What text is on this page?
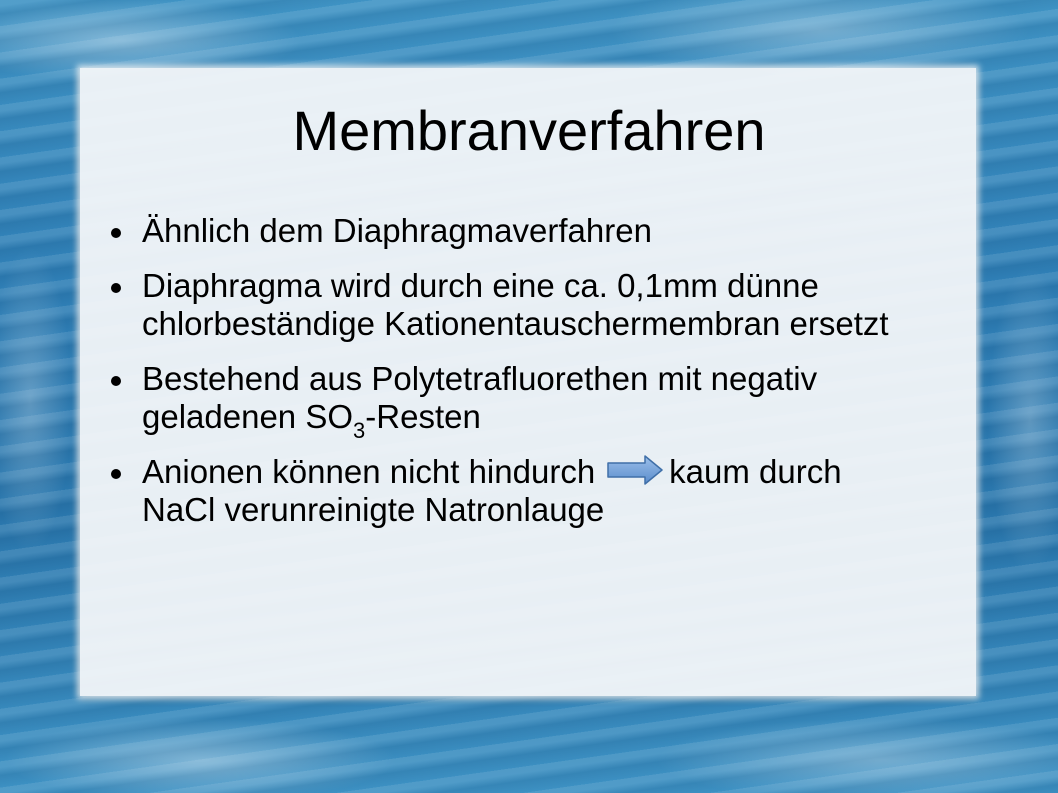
Membranverfahren
Ähnlich dem Diaphragmaverfahren
Diaphragma wird durch eine ca. 0,1mm dünne chlorbeständige Kationentauschermembran ersetzt
Bestehend aus Polytetrafluorethen mit negativ geladenen $SO_3$-Resten
Anionen können nicht hindurch kaum durch NaCl verunreinigte Natronlauge
